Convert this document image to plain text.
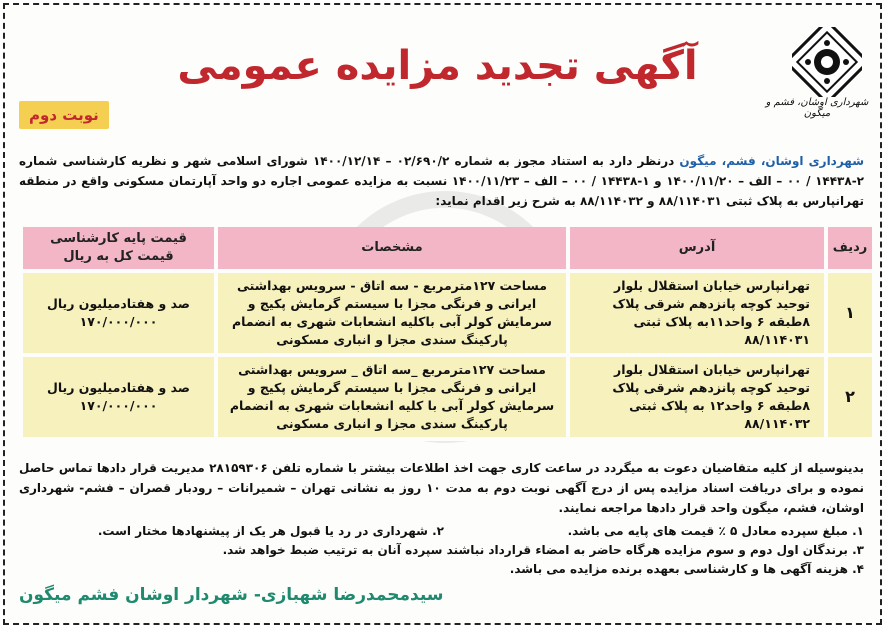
شهرداری اوشان، فشم و میگون
آگهی تجدید مزایده عمومی
نوبت دوم
شهرداری اوشان، فشم، میگون درنظر دارد به استناد مجوز به شماره ۰۲/۶۹۰/۲ – ۱۴۰۰/۱۲/۱۴ شورای اسلامی شهر و نظریه کارشناسی شماره ۲-۱۴۴۳۸ / ۰۰ – الف – ۱۴۰۰/۱۱/۲۰ و ۱-۱۴۴۳۸ / ۰۰ – الف – ۱۴۰۰/۱۱/۲۳ نسبت به مزایده عمومی اجاره دو واحد آپارتمان مسکونی واقع در منطقه تهرانپارس به پلاک ثبتی ۸۸/۱۱۴۰۳۱ و ۸۸/۱۱۴۰۳۲ به شرح زیر اقدام نماید:
ردیف	آدرس	مشخصات	قیمت پایه کارشناسی
قیمت کل به ریال

۱	تهرانپارس خیابان استقلال بلوار توحید کوچه پانزدهم شرقی پلاک ۸طبقه ۶ واحد۱۱به پلاک ثبتی ۸۸/۱۱۴۰۳۱	مساحت ۱۲۷مترمربع - سه اتاق - سرویس بهداشتی ایرانی و فرنگی مجزا با سیستم گرمایش پکیج و سرمایش کولر آبی باکلیه انشعابات شهری به انضمام پارکینگ سندی مجزا و انباری مسکونی	صد و هفتادمیلیون ریال
۱۷۰/۰۰۰/۰۰۰

۲	تهرانپارس خیابان استقلال بلوار توحید کوچه پانزدهم شرقی پلاک ۸طبقه ۶ واحد۱۲ به پلاک ثبتی ۸۸/۱۱۴۰۳۲	مساحت ۱۲۷مترمربع _سه اتاق _ سرویس بهداشتی ایرانی و فرنگی مجزا با سیستم گرمایش پکیج و سرمایش کولر آبی با کلیه انشعابات شهری به انضمام پارکینگ سندی مجزا و انباری مسکونی	صد و هفتادمیلیون ریال
۱۷۰/۰۰۰/۰۰۰
بدینوسیله از کلیه متقاضیان دعوت به میگردد در ساعت کاری جهت اخذ اطلاعات بیشتر با شماره تلفن ۲۸۱۵۹۳۰۶ مدیریت قرار دادها تماس حاصل نموده و برای دریافت اسناد مزایده پس از درج آگهی نوبت دوم به مدت ۱۰ روز به نشانی تهران – شمیرانات – رودبار قصران – فشم- شهرداری اوشان، فشم، میگون واحد قرار دادها مراجعه نمایند.
۱. مبلغ سپرده معادل ۵ ٪ قیمت های پایه می باشد.
۲. شهرداری در رد یا قبول هر یک از پیشنهادها مختار است.
۳. برندگان اول دوم و سوم مزایده هرگاه حاضر به امضاء قرارداد نباشند سپرده آنان به ترتیب ضبط خواهد شد.
۴. هزینه آگهی ها و کارشناسی بعهده برنده مزایده می باشد.
سیدمحمدرضا شهبازی- شهردار اوشان فشم میگون
